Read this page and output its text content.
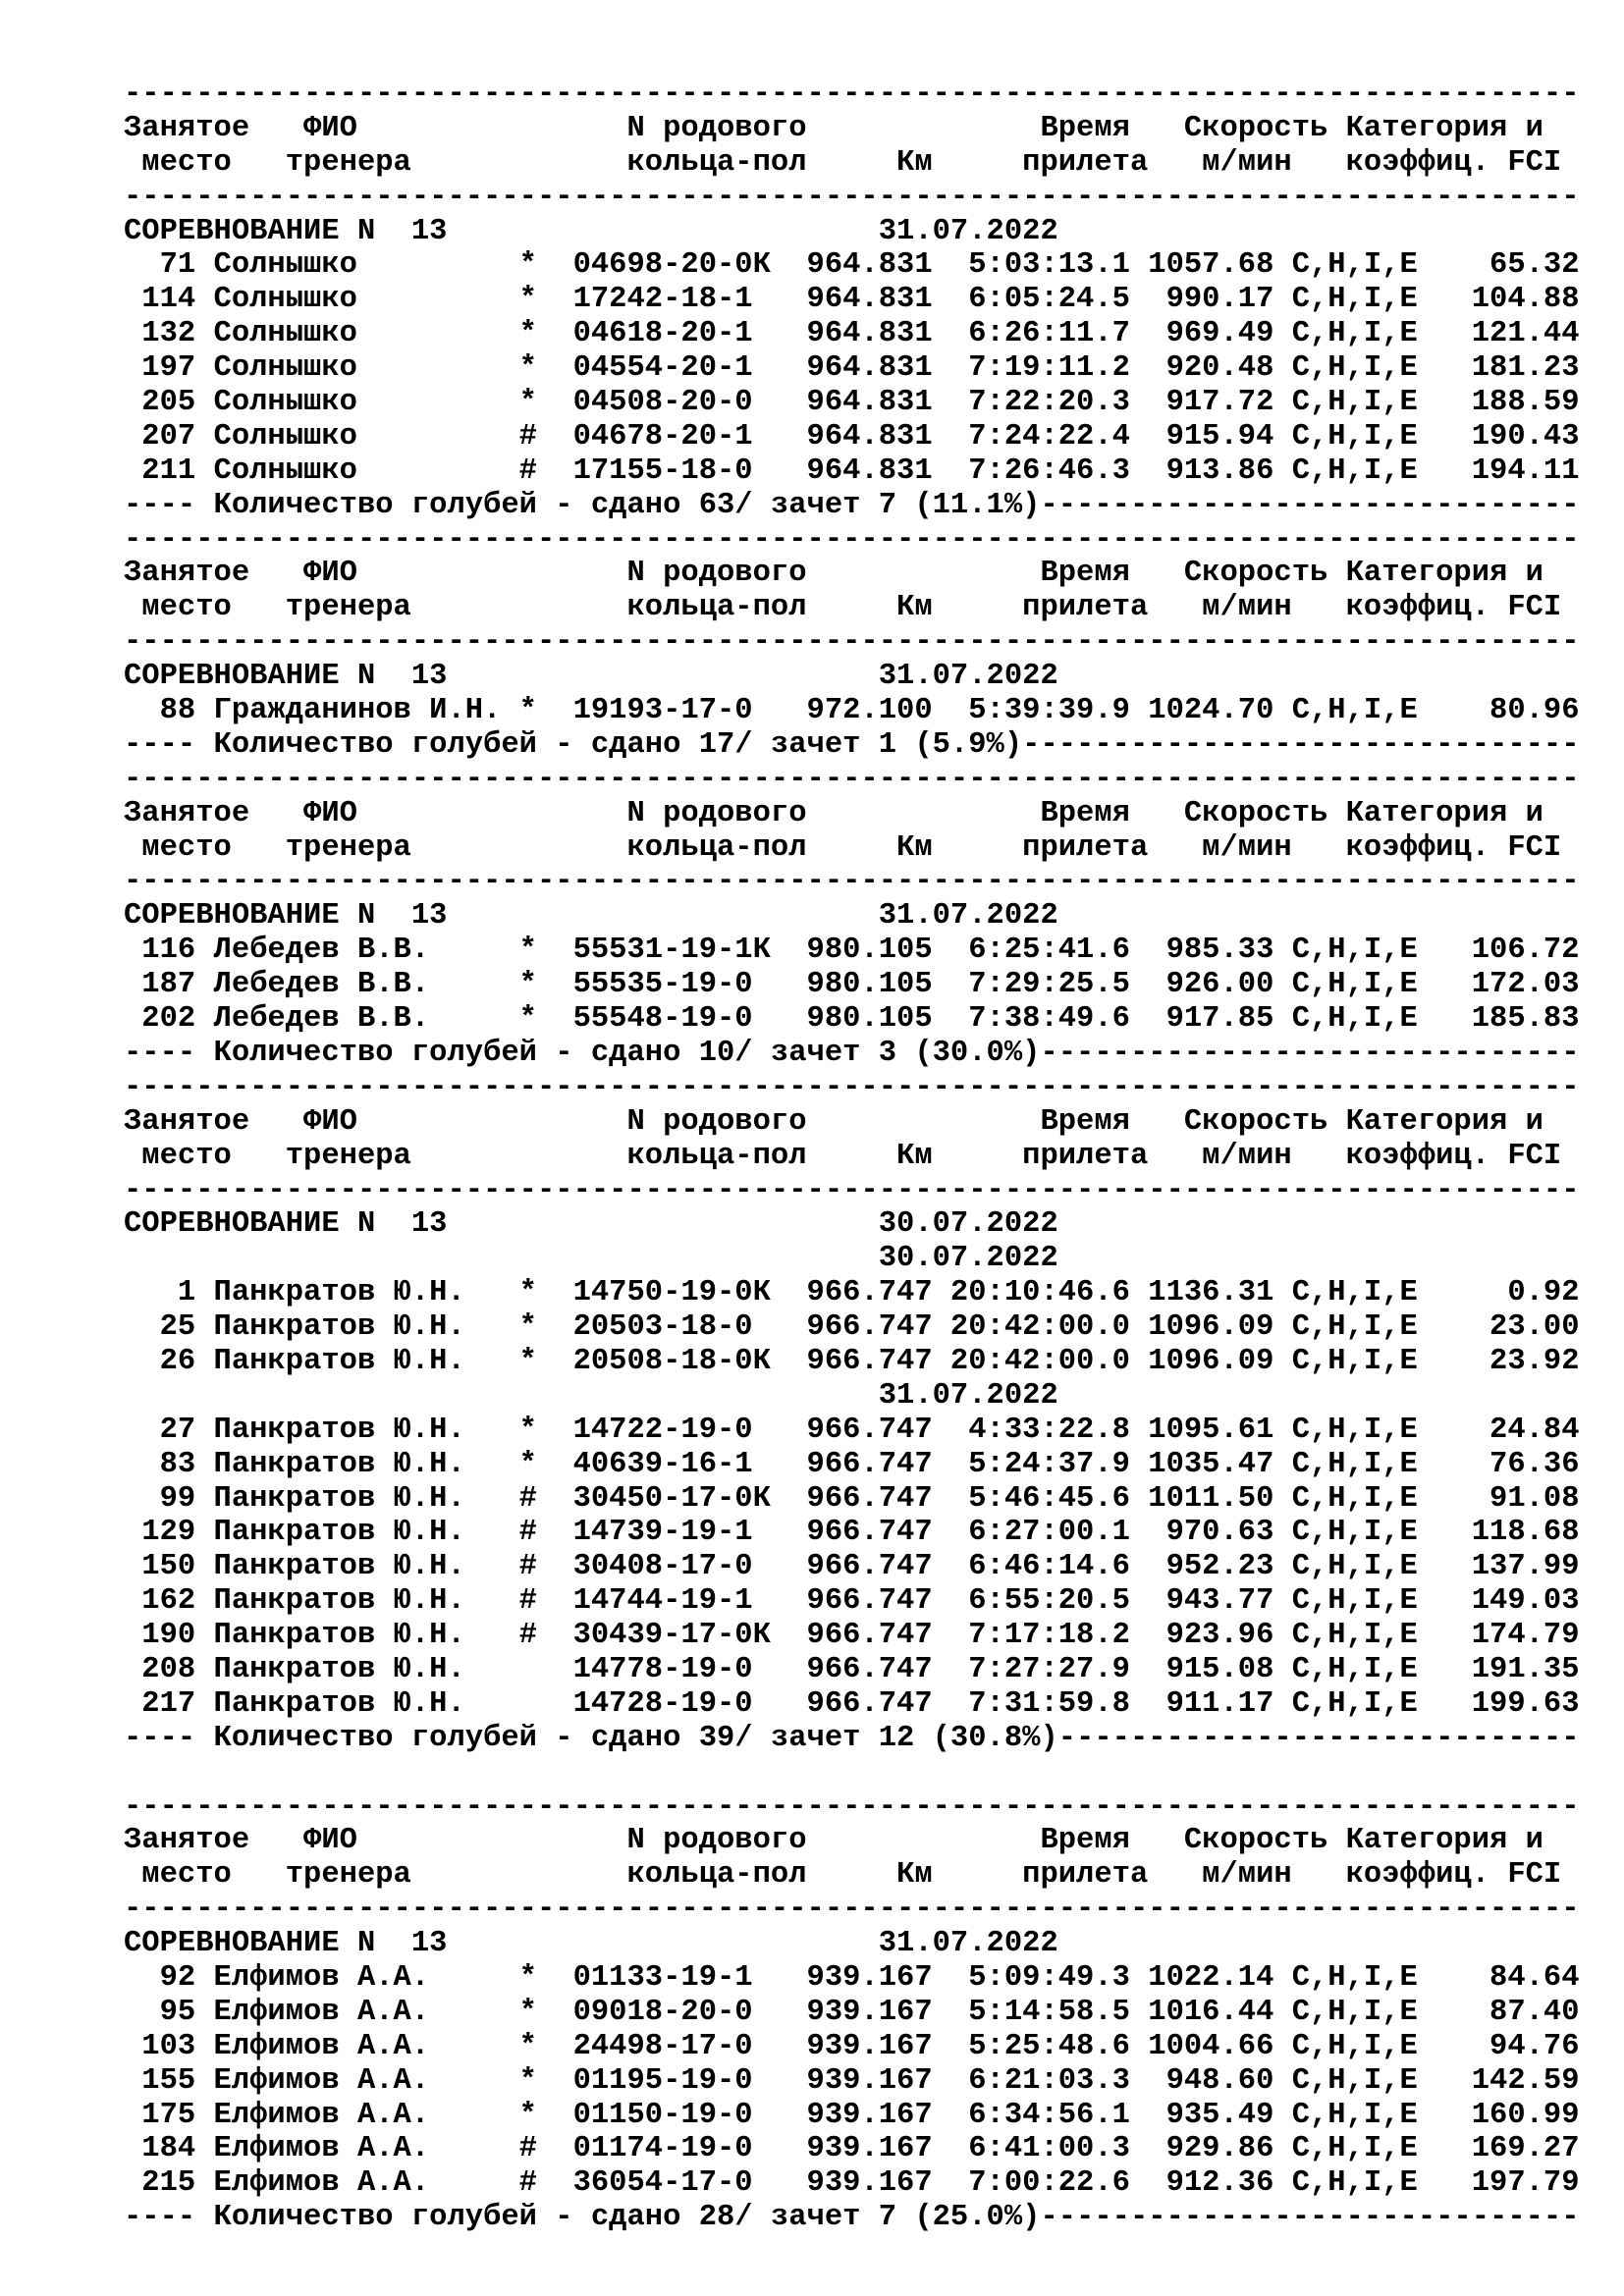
---------------------------------------------------------------------------------
Занятое   ФИО               N родового             Время   Скорость Категория и
место   тренера            кольца-пол     Км     прилета   м/мин   коэффиц. FCI
---------------------------------------------------------------------------------
СОРЕВНОВАНИЕ N  13                        31.07.2022
71 Солнышко         *  04698-20-0К  964.831  5:03:13.1 1057.68 C,H,I,E    65.32
114 Солнышко         *  17242-18-1   964.831  6:05:24.5  990.17 C,H,I,E   104.88
132 Солнышко         *  04618-20-1   964.831  6:26:11.7  969.49 C,H,I,E   121.44
197 Солнышко         *  04554-20-1   964.831  7:19:11.2  920.48 C,H,I,E   181.23
205 Солнышко         *  04508-20-0   964.831  7:22:20.3  917.72 C,H,I,E   188.59
207 Солнышко         #  04678-20-1   964.831  7:24:22.4  915.94 C,H,I,E   190.43
211 Солнышко         #  17155-18-0   964.831  7:26:46.3  913.86 C,H,I,E   194.11
---- Количество голубей - сдано 63/ зачет 7 (11.1%)------------------------------
---------------------------------------------------------------------------------
Занятое   ФИО               N родового             Время   Скорость Категория и
место   тренера            кольца-пол     Км     прилета   м/мин   коэффиц. FCI
---------------------------------------------------------------------------------
СОРЕВНОВАНИЕ N  13                        31.07.2022
88 Гражданинов И.Н. *  19193-17-0   972.100  5:39:39.9 1024.70 C,H,I,E    80.96
---- Количество голубей - сдано 17/ зачет 1 (5.9%)-------------------------------
---------------------------------------------------------------------------------
Занятое   ФИО               N родового             Время   Скорость Категория и
место   тренера            кольца-пол     Км     прилета   м/мин   коэффиц. FCI
---------------------------------------------------------------------------------
СОРЕВНОВАНИЕ N  13                        31.07.2022
116 Лебедев В.В.     *  55531-19-1К  980.105  6:25:41.6  985.33 C,H,I,E   106.72
187 Лебедев В.В.     *  55535-19-0   980.105  7:29:25.5  926.00 C,H,I,E   172.03
202 Лебедев В.В.     *  55548-19-0   980.105  7:38:49.6  917.85 C,H,I,E   185.83
---- Количество голубей - сдано 10/ зачет 3 (30.0%)------------------------------
---------------------------------------------------------------------------------
Занятое   ФИО               N родового             Время   Скорость Категория и
место   тренера            кольца-пол     Км     прилета   м/мин   коэффиц. FCI
---------------------------------------------------------------------------------
СОРЕВНОВАНИЕ N  13                        30.07.2022
30.07.2022
1 Панкратов Ю.Н.   *  14750-19-0К  966.747 20:10:46.6 1136.31 C,H,I,E     0.92
25 Панкратов Ю.Н.   *  20503-18-0   966.747 20:42:00.0 1096.09 C,H,I,E    23.00
26 Панкратов Ю.Н.   *  20508-18-0К  966.747 20:42:00.0 1096.09 C,H,I,E    23.92
31.07.2022
27 Панкратов Ю.Н.   *  14722-19-0   966.747  4:33:22.8 1095.61 C,H,I,E    24.84
83 Панкратов Ю.Н.   *  40639-16-1   966.747  5:24:37.9 1035.47 C,H,I,E    76.36
99 Панкратов Ю.Н.   #  30450-17-0К  966.747  5:46:45.6 1011.50 C,H,I,E    91.08
129 Панкратов Ю.Н.   #  14739-19-1   966.747  6:27:00.1  970.63 C,H,I,E   118.68
150 Панкратов Ю.Н.   #  30408-17-0   966.747  6:46:14.6  952.23 C,H,I,E   137.99
162 Панкратов Ю.Н.   #  14744-19-1   966.747  6:55:20.5  943.77 C,H,I,E   149.03
190 Панкратов Ю.Н.   #  30439-17-0К  966.747  7:17:18.2  923.96 C,H,I,E   174.79
208 Панкратов Ю.Н.      14778-19-0   966.747  7:27:27.9  915.08 C,H,I,E   191.35
217 Панкратов Ю.Н.      14728-19-0   966.747  7:31:59.8  911.17 C,H,I,E   199.63
---- Количество голубей - сдано 39/ зачет 12 (30.8%)-----------------------------
---------------------------------------------------------------------------------
Занятое   ФИО               N родового             Время   Скорость Категория и
место   тренера            кольца-пол     Км     прилета   м/мин   коэффиц. FCI
---------------------------------------------------------------------------------
СОРЕВНОВАНИЕ N  13                        31.07.2022
92 Елфимов А.А.     *  01133-19-1   939.167  5:09:49.3 1022.14 C,H,I,E    84.64
95 Елфимов А.А.     *  09018-20-0   939.167  5:14:58.5 1016.44 C,H,I,E    87.40
103 Елфимов А.А.     *  24498-17-0   939.167  5:25:48.6 1004.66 C,H,I,E    94.76
155 Елфимов А.А.     *  01195-19-0   939.167  6:21:03.3  948.60 C,H,I,E   142.59
175 Елфимов А.А.     *  01150-19-0   939.167  6:34:56.1  935.49 C,H,I,E   160.99
184 Елфимов А.А.     #  01174-19-0   939.167  6:41:00.3  929.86 C,H,I,E   169.27
215 Елфимов А.А.     #  36054-17-0   939.167  7:00:22.6  912.36 C,H,I,E   197.79
---- Количество голубей - сдано 28/ зачет 7 (25.0%)------------------------------
